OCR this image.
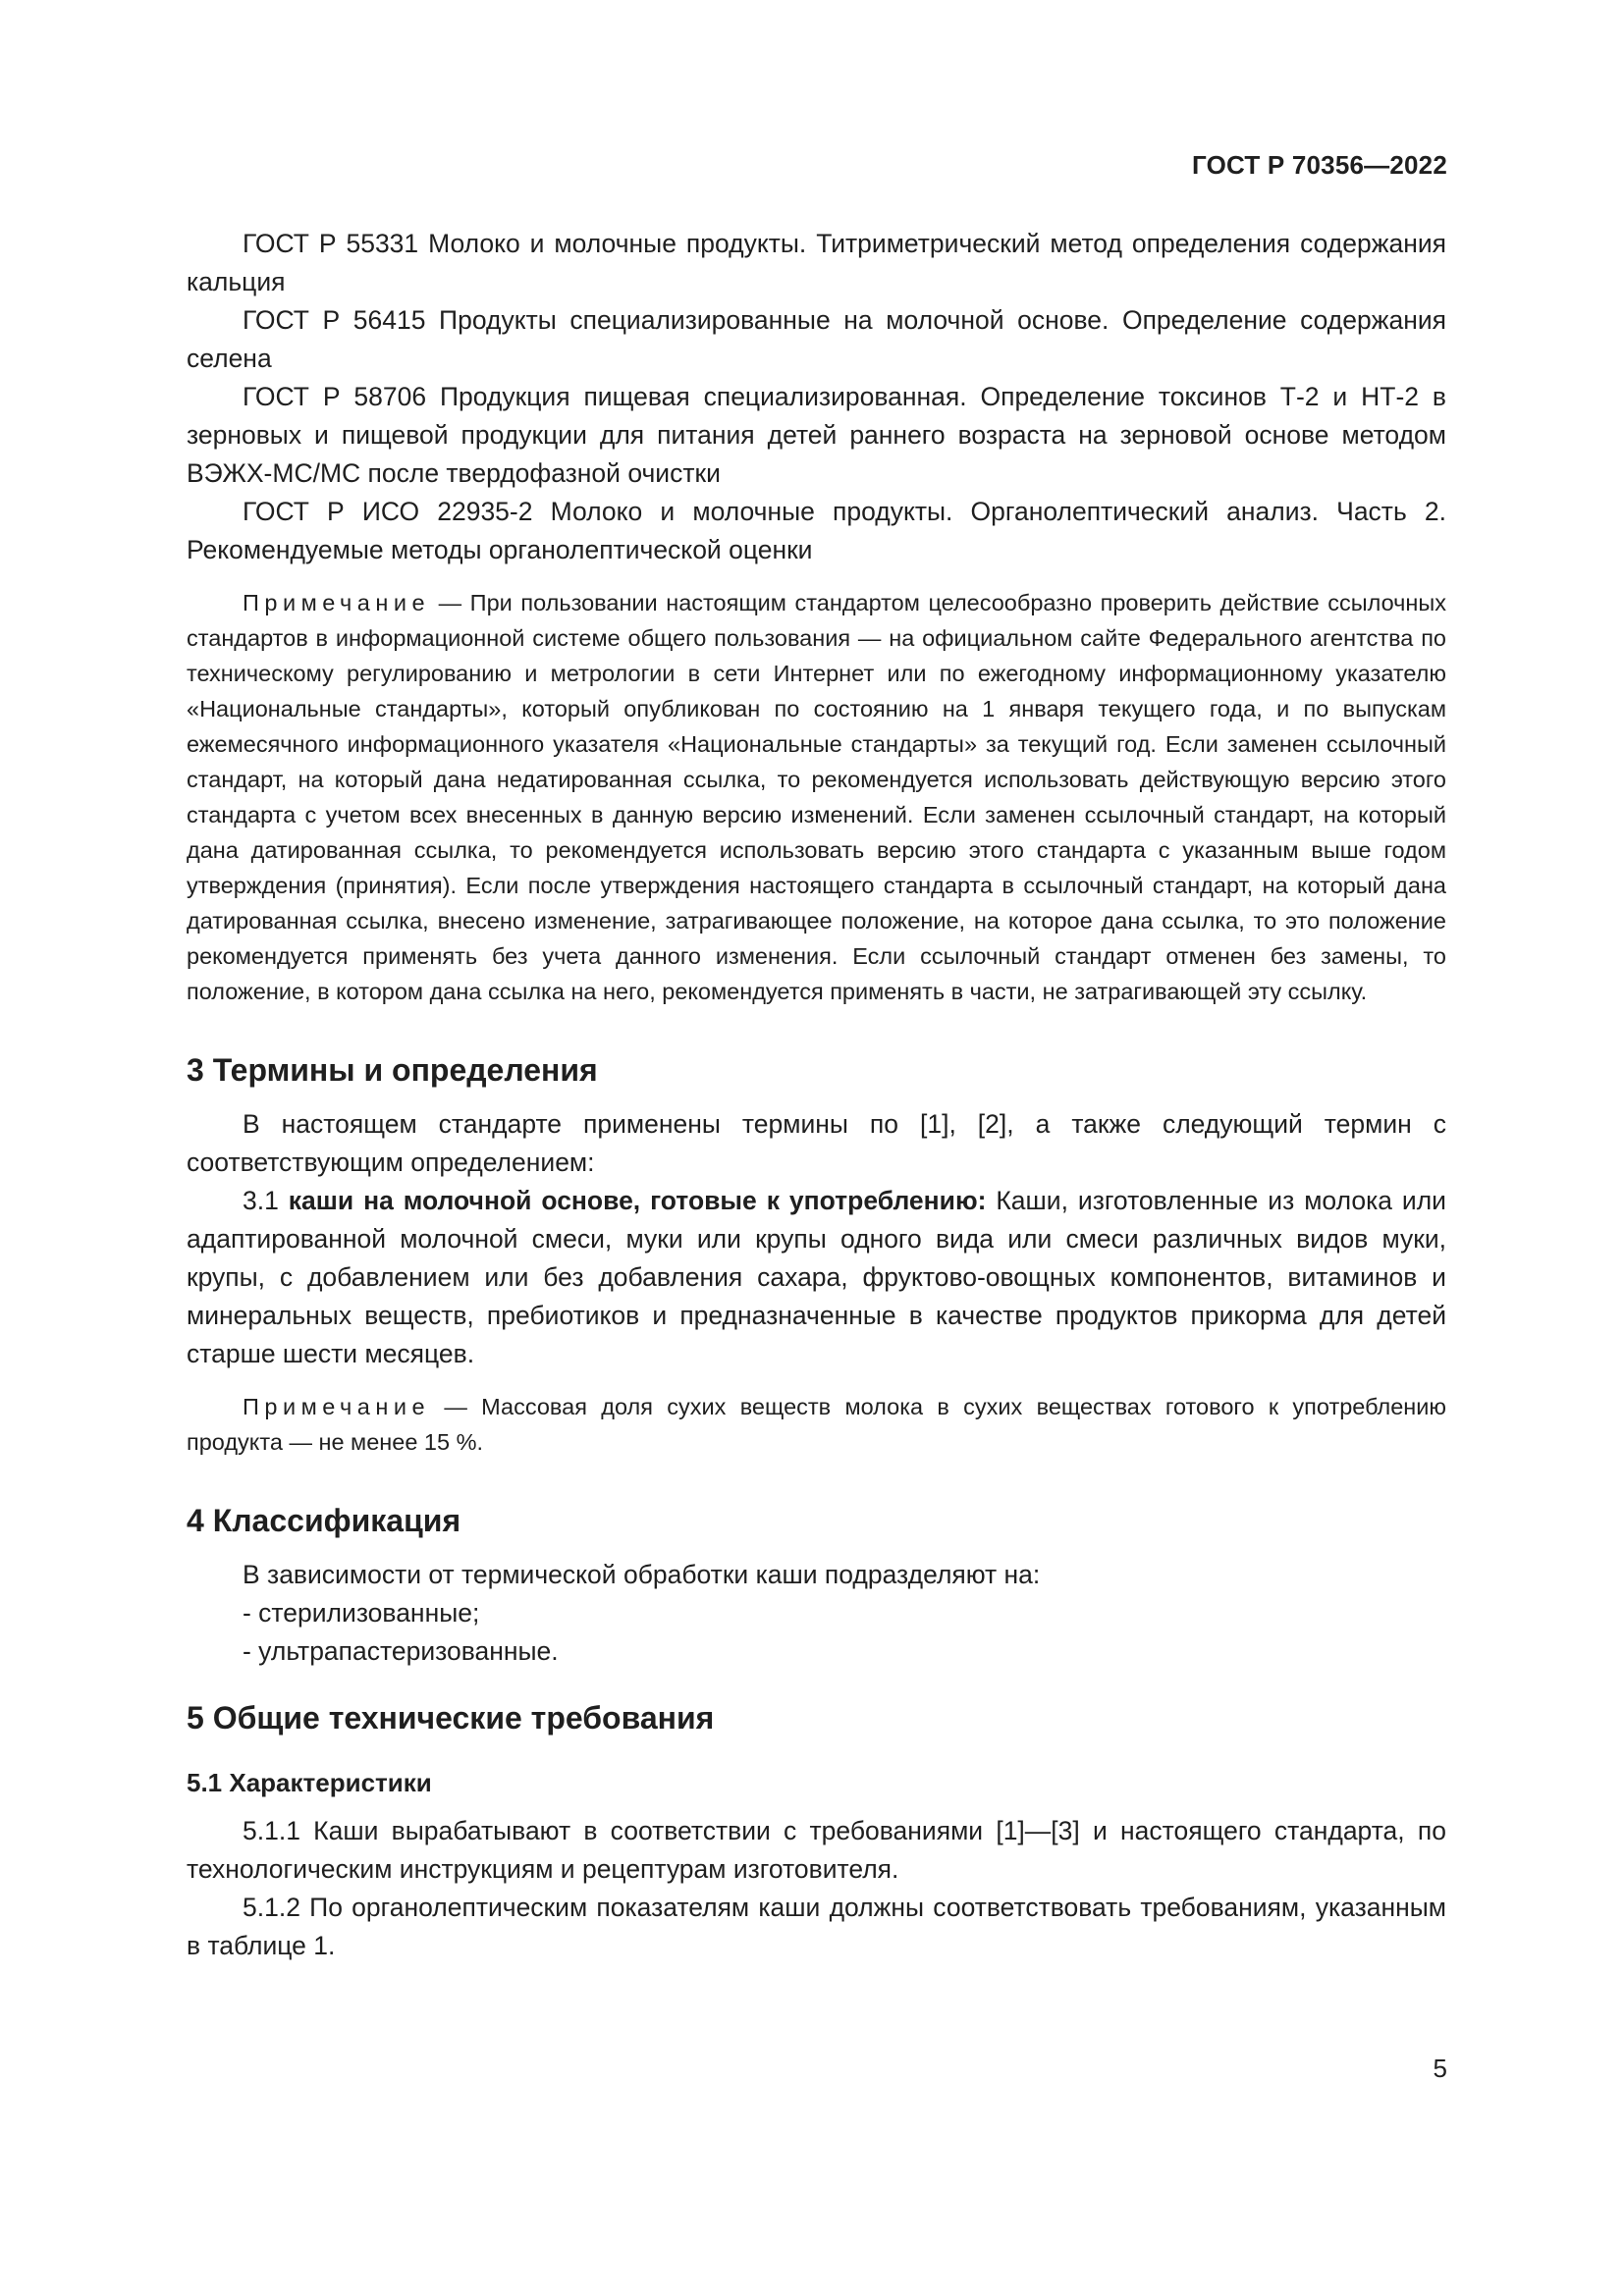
ГОСТ Р 70356—2022

ГОСТ Р 55331 Молоко и молочные продукты. Титриметрический метод определения содержания кальция

ГОСТ Р 56415 Продукты специализированные на молочной основе. Определение содержания селена

ГОСТ Р 58706 Продукция пищевая специализированная. Определение токсинов Т-2 и НТ-2 в зерновых и пищевой продукции для питания детей раннего возраста на зерновой основе методом ВЭЖХ-МС/МС после твердофазной очистки

ГОСТ Р ИСО 22935-2 Молоко и молочные продукты. Органолептический анализ. Часть 2. Рекомендуемые методы органолептической оценки

Примечание — При пользовании настоящим стандартом целесообразно проверить действие ссылочных стандартов в информационной системе общего пользования — на официальном сайте Федерального агентства по техническому регулированию и метрологии в сети Интернет или по ежегодному информационному указателю «Национальные стандарты», который опубликован по состоянию на 1 января текущего года, и по выпускам ежемесячного информационного указателя «Национальные стандарты» за текущий год. Если заменен ссылочный стандарт, на который дана недатированная ссылка, то рекомендуется использовать действующую версию этого стандарта с учетом всех внесенных в данную версию изменений. Если заменен ссылочный стандарт, на который дана датированная ссылка, то рекомендуется использовать версию этого стандарта с указанным выше годом утверждения (принятия). Если после утверждения настоящего стандарта в ссылочный стандарт, на который дана датированная ссылка, внесено изменение, затрагивающее положение, на которое дана ссылка, то это положение рекомендуется применять без учета данного изменения. Если ссылочный стандарт отменен без замены, то положение, в котором дана ссылка на него, рекомендуется применять в части, не затрагивающей эту ссылку.

3 Термины и определения

В настоящем стандарте применены термины по [1], [2], а также следующий термин с соответствующим определением:

3.1 каши на молочной основе, готовые к употреблению: Каши, изготовленные из молока или адаптированной молочной смеси, муки или крупы одного вида или смеси различных видов муки, крупы, с добавлением или без добавления сахара, фруктово-овощных компонентов, витаминов и минеральных веществ, пребиотиков и предназначенные в качестве продуктов прикорма для детей старше шести месяцев.

Примечание — Массовая доля сухих веществ молока в сухих веществах готового к употреблению продукта — не менее 15 %.

4 Классификация

В зависимости от термической обработки каши подразделяют на:

- стерилизованные;

- ультрапастеризованные.

5 Общие технические требования
5.1 Характеристики

5.1.1 Каши вырабатывают в соответствии с требованиями [1]—[3] и настоящего стандарта, по технологическим инструкциям и рецептурам изготовителя.

5.1.2 По органолептическим показателям каши должны соответствовать требованиям, указанным в таблице 1.

5
